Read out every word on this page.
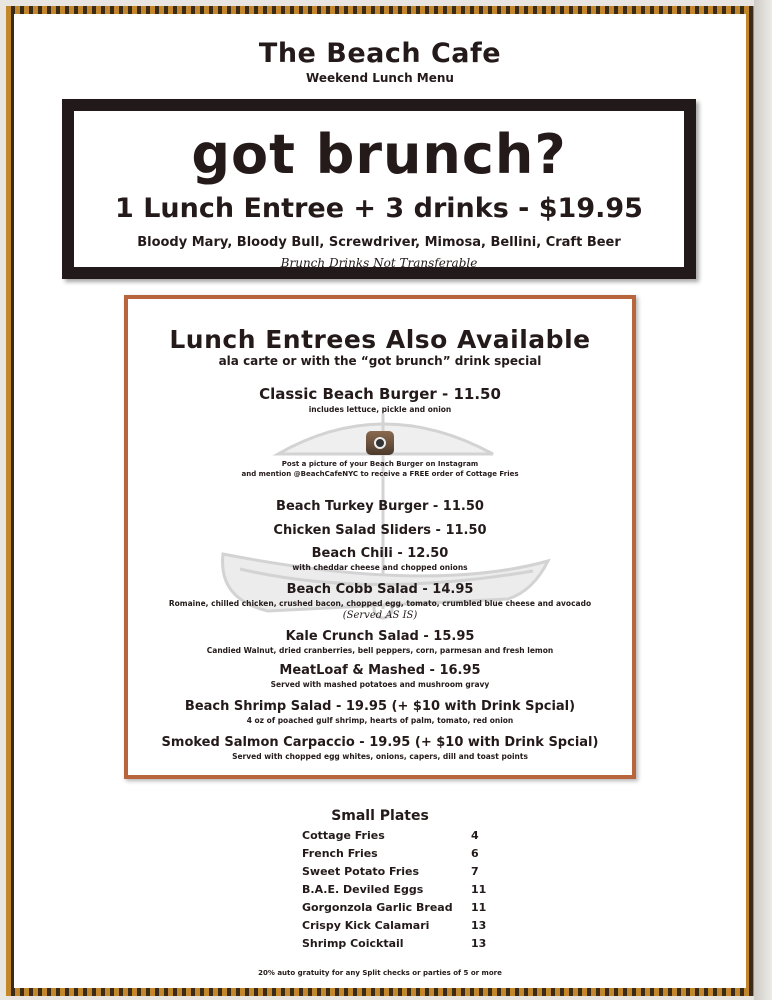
The Beach Cafe
Weekend Lunch Menu
got brunch?
1 Lunch Entree + 3 drinks - $19.95
Bloody Mary, Bloody Bull, Screwdriver, Mimosa, Bellini, Craft Beer
Brunch Drinks Not Transferable
Lunch Entrees Also Available
ala carte or with the “got brunch” drink special
Classic Beach Burger - 11.50
includes lettuce, pickle and onion
Post a picture of your Beach Burger on Instagram
and mention @BeachCafeNYC to receive a FREE order of Cottage Fries
Beach Turkey Burger - 11.50
Chicken Salad Sliders - 11.50
Beach Chili - 12.50
with cheddar cheese and chopped onions
Beach Cobb Salad - 14.95
Romaine, chilled chicken, crushed bacon, chopped egg, tomato, crumbled blue cheese and avocado
(Served AS IS)
Kale Crunch Salad - 15.95
Candied Walnut, dried cranberries, bell peppers, corn, parmesan and fresh lemon
MeatLoaf & Mashed - 16.95
Served with mashed potatoes and mushroom gravy
Beach Shrimp Salad - 19.95 (+ $10 with Drink Spcial)
4 oz of poached gulf shrimp, hearts of palm, tomato, red onion
Smoked Salmon Carpaccio - 19.95 (+ $10 with Drink Spcial)
Served with chopped egg whites, onions, capers, dill and toast points
Small Plates
Cottage Fries	4
French Fries	6
Sweet Potato Fries	7
B.A.E. Deviled Eggs	11
Gorgonzola Garlic Bread 11
Crispy Kick Calamari	13
Shrimp Coicktail	13
20% auto gratuity for any Split checks or parties of 5 or more
